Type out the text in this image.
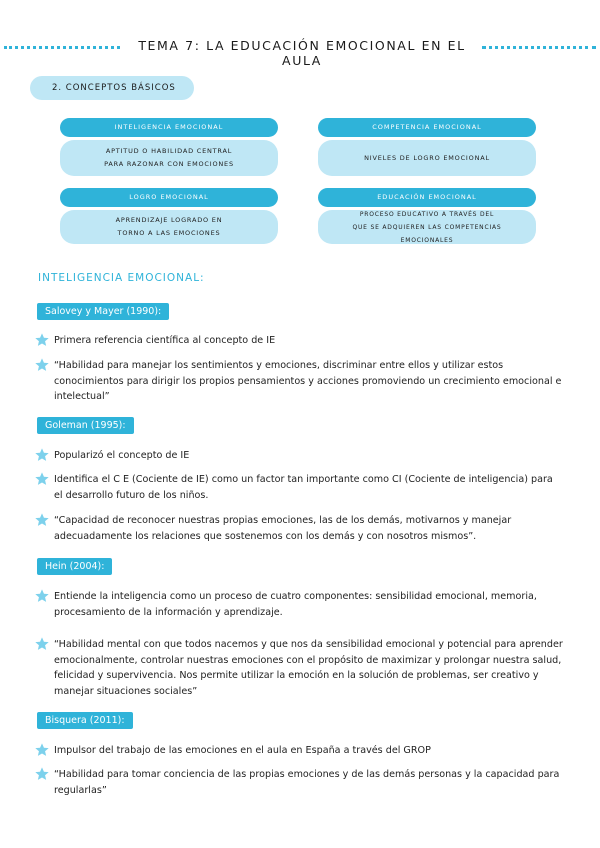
TEMA 7: LA EDUCACIÓN EMOCIONAL EN EL AULA
2. CONCEPTOS BÁSICOS
INTELIGENCIA EMOCIONAL
APTITUD O HABILIDAD CENTRAL
PARA RAZONAR CON EMOCIONES
COMPETENCIA EMOCIONAL
NIVELES DE LOGRO EMOCIONAL
LOGRO EMOCIONAL
APRENDIZAJE LOGRADO EN
TORNO A LAS EMOCIONES
EDUCACIÓN EMOCIONAL
PROCESO EDUCATIVO A TRAVÉS DEL
QUE SE ADQUIEREN LAS COMPETENCIAS EMOCIONALES
INTELIGENCIA EMOCIONAL:
Salovey y Mayer (1990):
Primera referencia científica al concepto de IE
“Habilidad para manejar los sentimientos y emociones, discriminar entre ellos y utilizar estos conocimientos para dirigir los propios pensamientos y acciones promoviendo un crecimiento emocional e intelectual”
Goleman (1995):
Popularizó el concepto de IE
Identifica el C E (Cociente de IE) como un factor tan importante como CI (Cociente de inteligencia) para el desarrollo futuro de los niños.
“Capacidad de reconocer nuestras propias emociones, las de los demás, motivarnos y manejar adecuadamente los relaciones que sostenemos con los demás y con nosotros mismos”.
Hein (2004):
Entiende la inteligencia como un proceso de cuatro componentes: sensibilidad emocional, memoria, procesamiento de la información y aprendizaje.
“Habilidad mental con que todos nacemos y que nos da sensibilidad emocional y potencial para aprender emocionalmente, controlar nuestras emociones con el propósito de maximizar y prolongar nuestra salud, felicidad y supervivencia. Nos permite utilizar la emoción en la solución de problemas, ser creativo y manejar situaciones sociales”
Bisquera (2011):
Impulsor del trabajo de las emociones en el aula en España a través del GROP
“Habilidad para tomar conciencia de las propias emociones y de las demás personas y la capacidad para regularlas”
